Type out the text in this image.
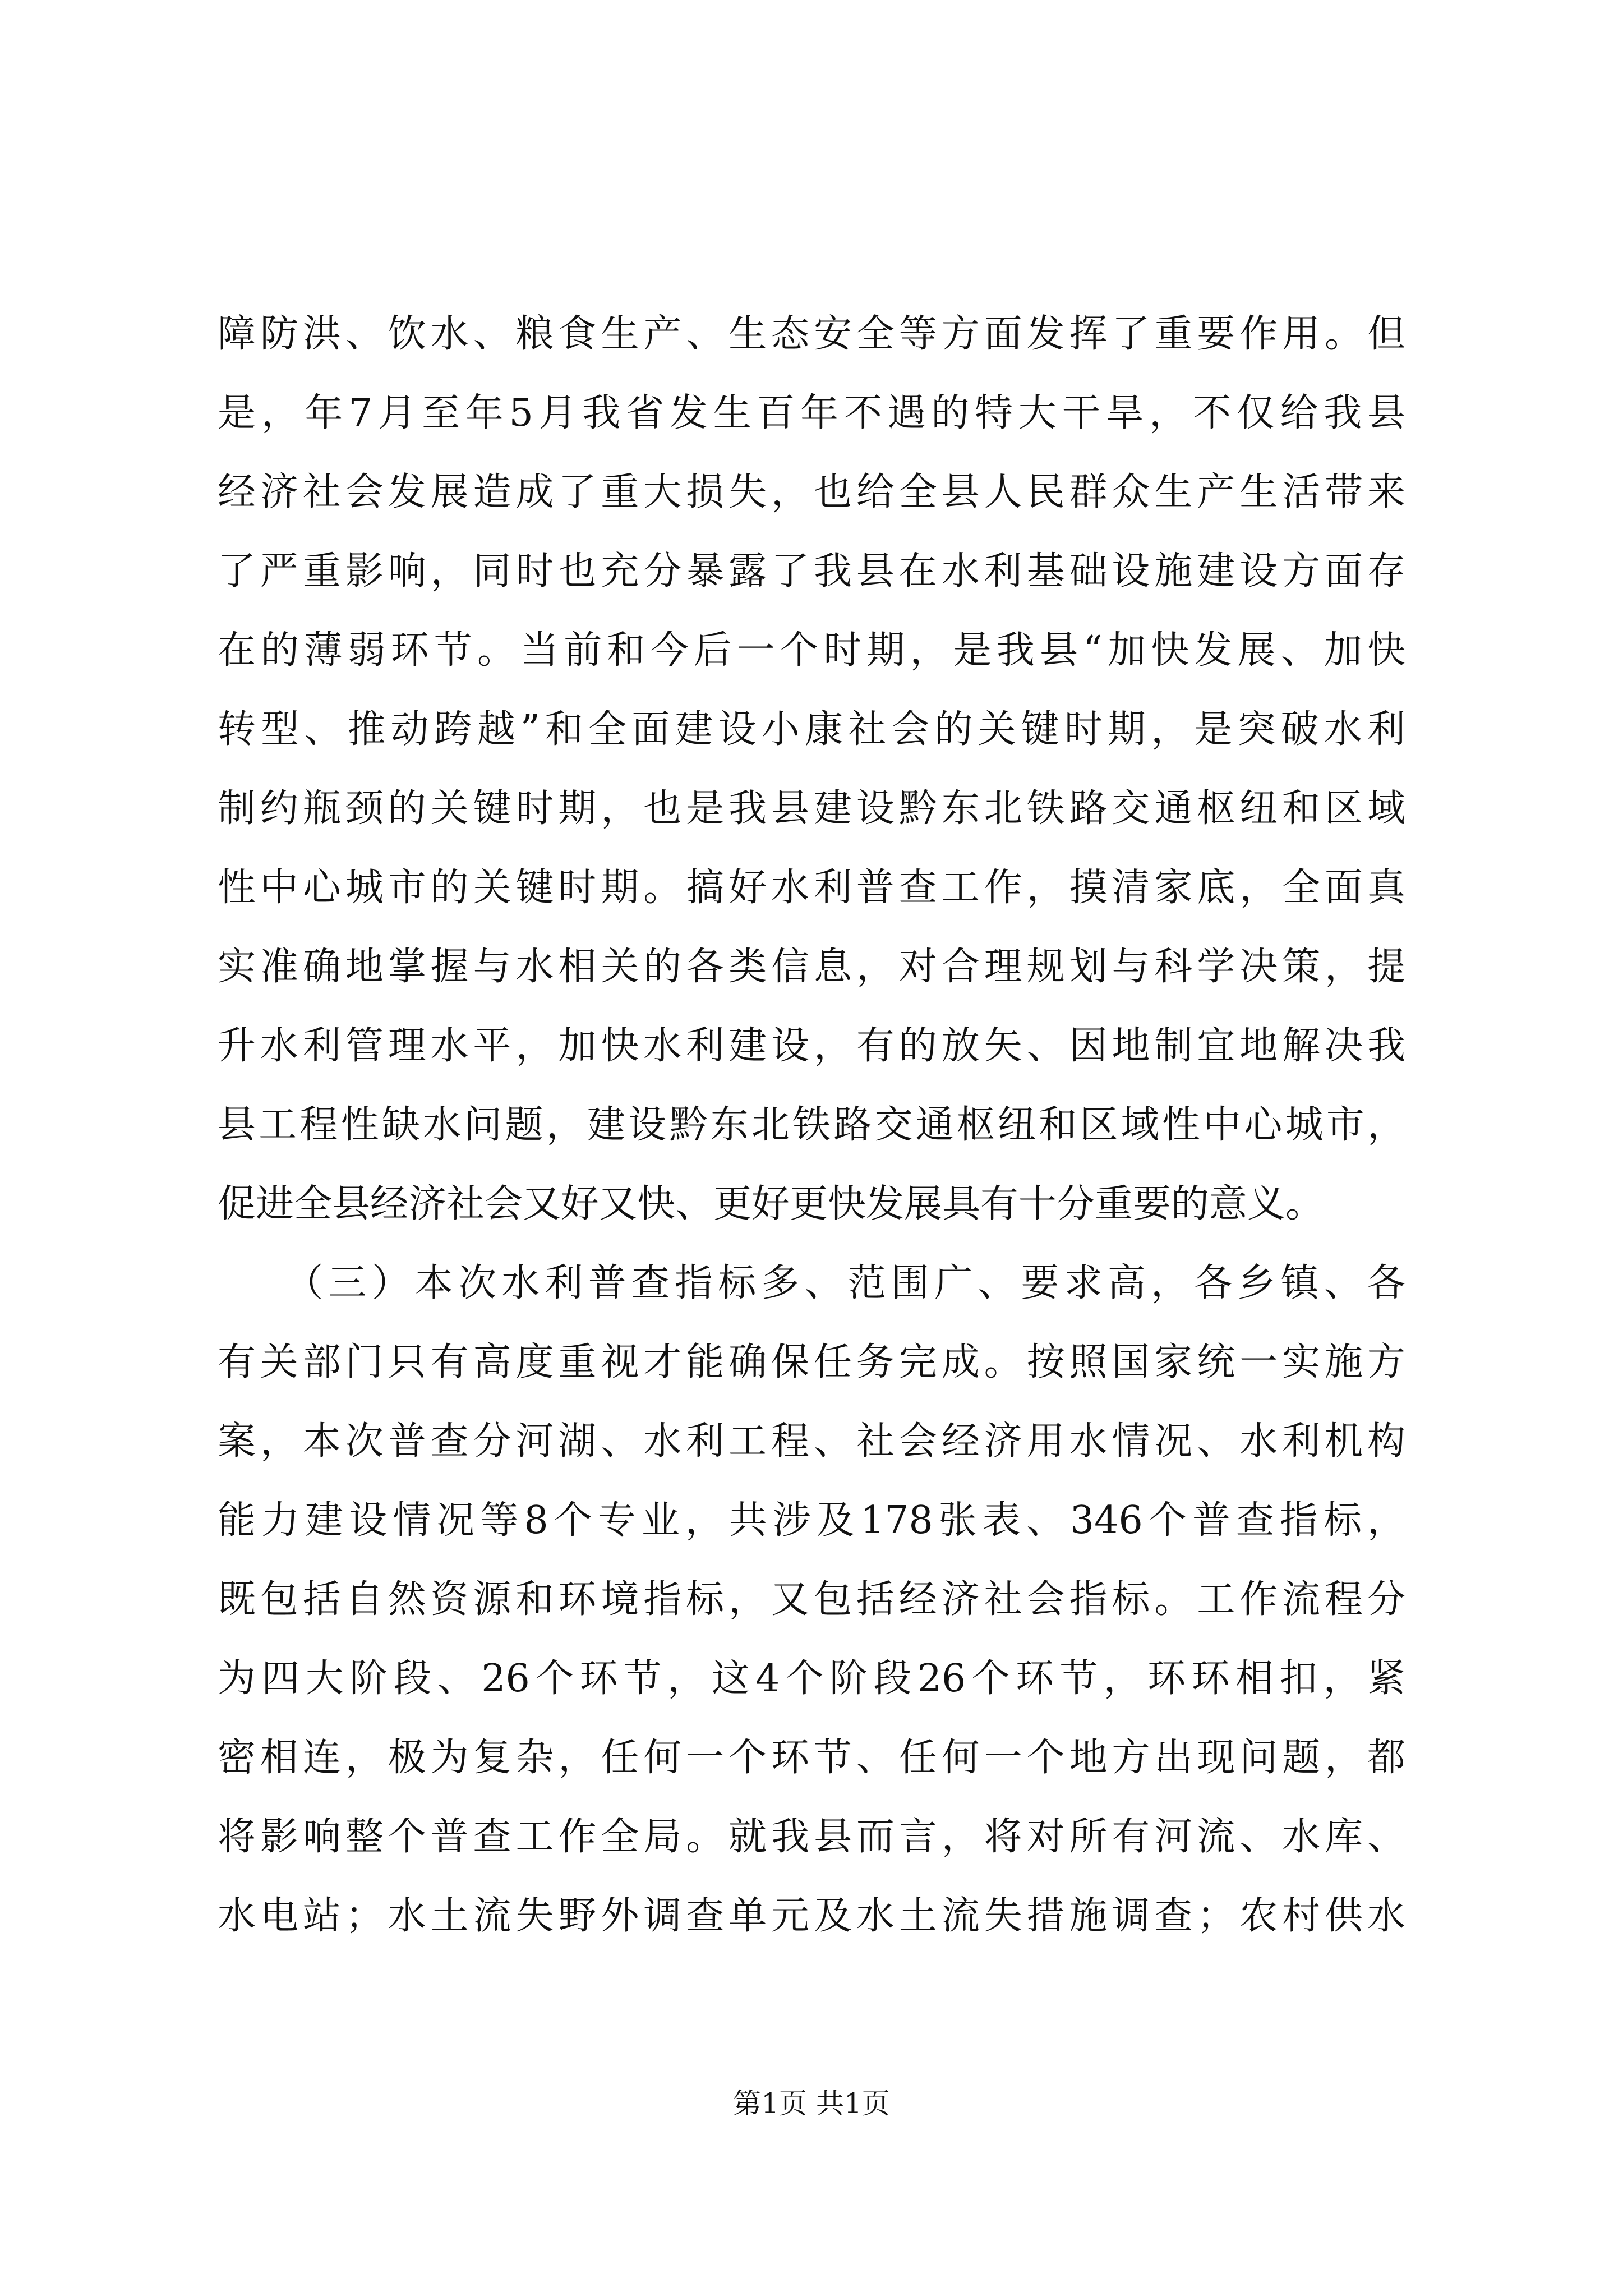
障防洪、饮水、粮食生产、生态安全等方面发挥了重要作用。但
是，年7月至年5月我省发生百年不遇的特大干旱，不仅给我县
经济社会发展造成了重大损失，也给全县人民群众生产生活带来
了严重影响，同时也充分暴露了我县在水利基础设施建设方面存
在的薄弱环节。当前和今后一个时期，是我县“加快发展、加快
转型、推动跨越”和全面建设小康社会的关键时期，是突破水利
制约瓶颈的关键时期，也是我县建设黔东北铁路交通枢纽和区域
性中心城市的关键时期。搞好水利普查工作，摸清家底，全面真
实准确地掌握与水相关的各类信息，对合理规划与科学决策，提
升水利管理水平，加快水利建设，有的放矢、因地制宜地解决我
县工程性缺水问题，建设黔东北铁路交通枢纽和区域性中心城市，
促进全县经济社会又好又快、更好更快发展具有十分重要的意义。
　　（三）本次水利普查指标多、范围广、要求高，各乡镇、各
有关部门只有高度重视才能确保任务完成。按照国家统一实施方
案，本次普查分河湖、水利工程、社会经济用水情况、水利机构
能力建设情况等8个专业，共涉及178张表、346个普查指标，
既包括自然资源和环境指标，又包括经济社会指标。工作流程分
为四大阶段、26个环节，这4个阶段26个环节，环环相扣，紧
密相连，极为复杂，任何一个环节、任何一个地方出现问题，都
将影响整个普查工作全局。就我县而言，将对所有河流、水库、
水电站；水土流失野外调查单元及水土流失措施调查；农村供水
第1页 共1页
